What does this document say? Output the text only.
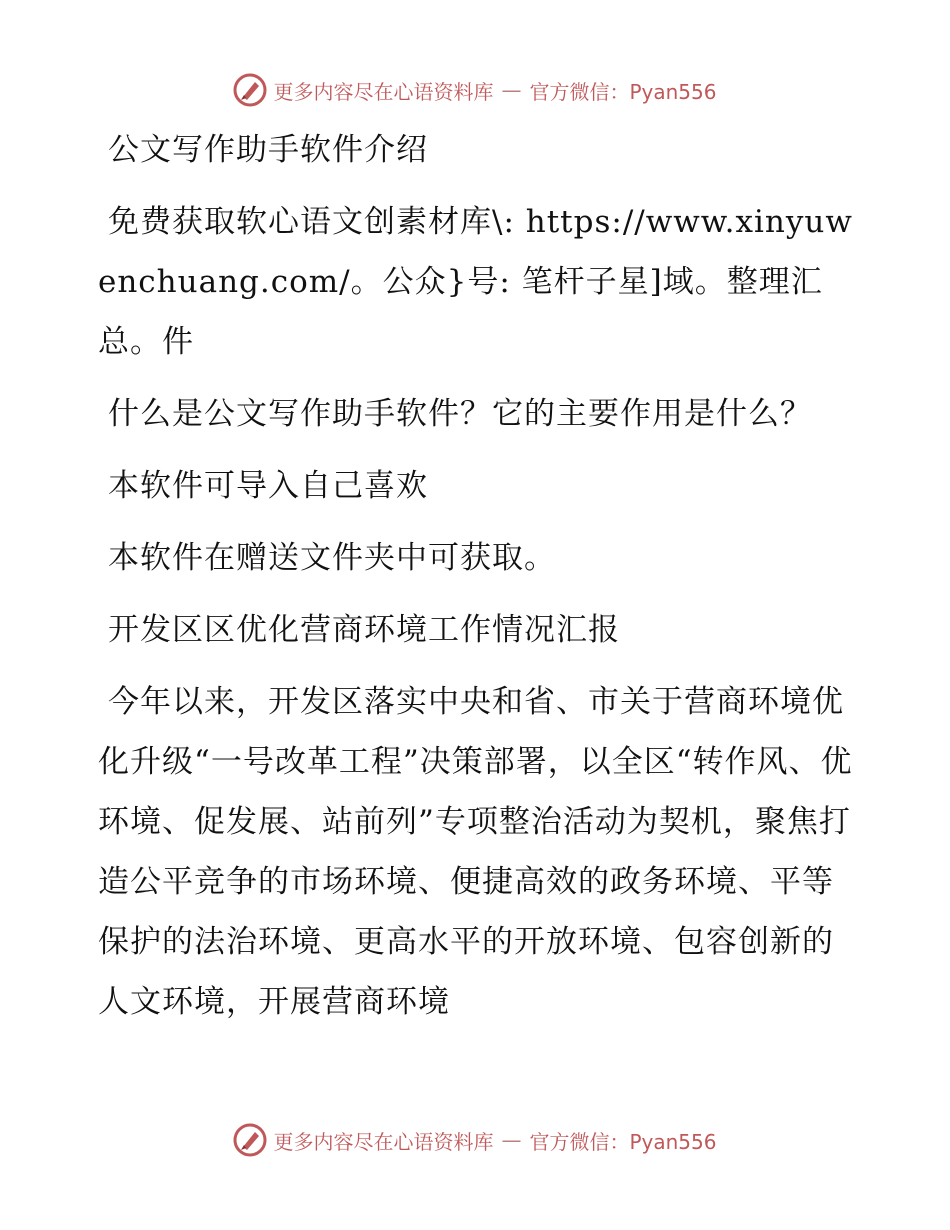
更多内容尽在心语资料库 — 官方微信：Pyan556

公文写作助手软件介绍

免费获取软心语文创素材库\: https://www.xinyuwenchuang.com/。公众}号: 笔杆子星]域。整理汇总。件

什么是公文写作助手软件？它的主要作用是什么？

本软件可导入自己喜欢

本软件在赠送文件夹中可获取。

开发区区优化营商环境工作情况汇报

今年以来，开发区落实中央和省、市关于营商环境优化升级“一号改革工程”决策部署，以全区“转作风、优环境、促发展、站前列”专项整治活动为契机，聚焦打造公平竞争的市场环境、便捷高效的政务环境、平等保护的法治环境、更高水平的开放环境、包容创新的人文环境，开展营商环境

更多内容尽在心语资料库 — 官方微信：Pyan556
